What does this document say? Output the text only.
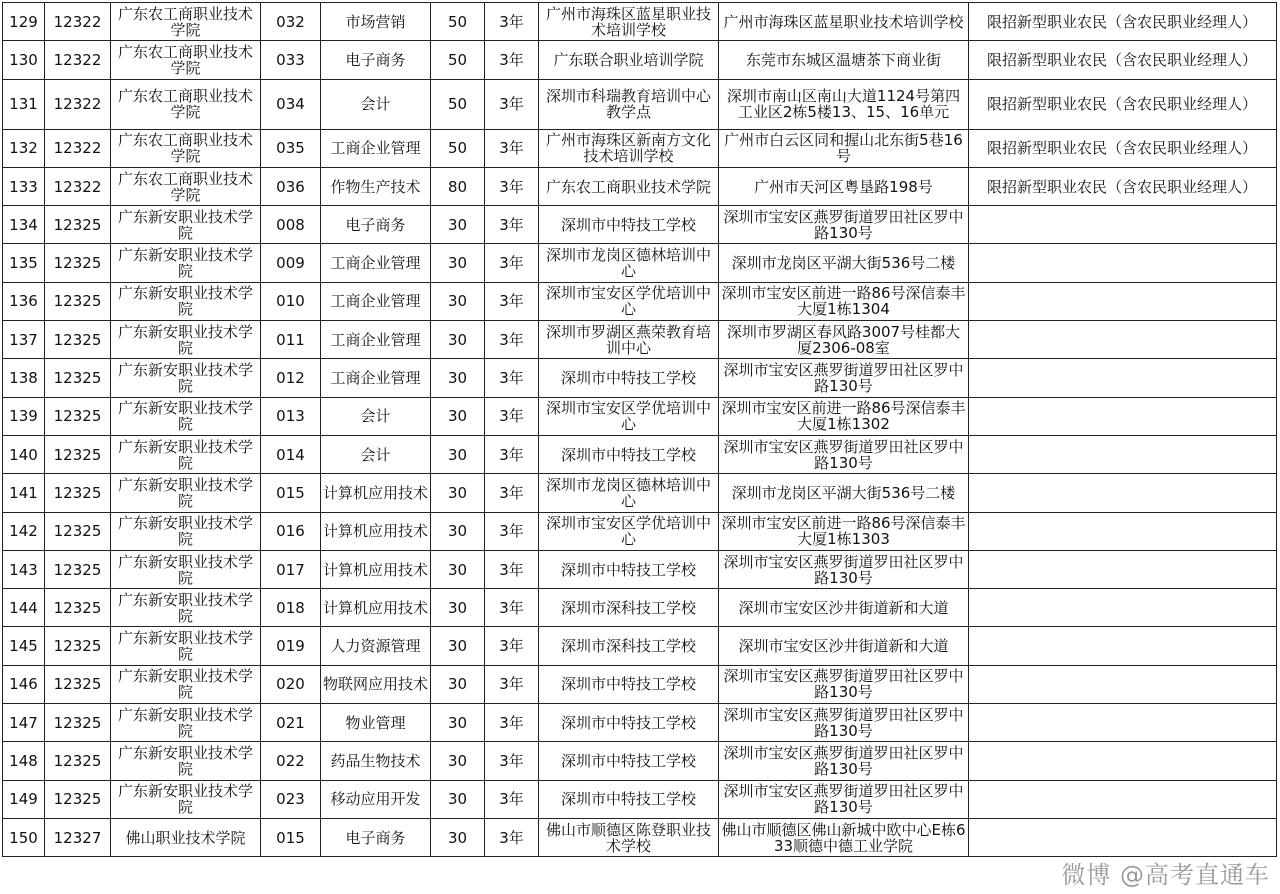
129	12322	广东农工商职业技术学院	032	市场营销	50	3年	广州市海珠区蓝星职业技术培训学校	广州市海珠区蓝星职业技术培训学校	限招新型职业农民（含农民职业经理人）
130	12322	广东农工商职业技术学院	033	电子商务	50	3年	广东联合职业培训学院	东莞市东城区温塘茶下商业街	限招新型职业农民（含农民职业经理人）
131	12322	广东农工商职业技术学院	034	会计	50	3年	深圳市科瑞教育培训中心教学点	深圳市南山区南山大道1124号第四工业区2栋5楼13、15、16单元	限招新型职业农民（含农民职业经理人）
132	12322	广东农工商职业技术学院	035	工商企业管理	50	3年	广州市海珠区新南方文化技术培训学校	广州市白云区同和握山北东街5巷16号	限招新型职业农民（含农民职业经理人）
133	12322	广东农工商职业技术学院	036	作物生产技术	80	3年	广东农工商职业技术学院	广州市天河区粤垦路198号	限招新型职业农民（含农民职业经理人）
134	12325	广东新安职业技术学院	008	电子商务	30	3年	深圳市中特技工学校	深圳市宝安区燕罗街道罗田社区罗中路130号	
135	12325	广东新安职业技术学院	009	工商企业管理	30	3年	深圳市龙岗区德林培训中心	深圳市龙岗区平湖大街536号二楼	
136	12325	广东新安职业技术学院	010	工商企业管理	30	3年	深圳市宝安区学优培训中心	深圳市宝安区前进一路86号深信泰丰大厦1栋1304	
137	12325	广东新安职业技术学院	011	工商企业管理	30	3年	深圳市罗湖区燕荣教育培训中心	深圳市罗湖区春风路3007号桂都大厦2306-08室	
138	12325	广东新安职业技术学院	012	工商企业管理	30	3年	深圳市中特技工学校	深圳市宝安区燕罗街道罗田社区罗中路130号	
139	12325	广东新安职业技术学院	013	会计	30	3年	深圳市宝安区学优培训中心	深圳市宝安区前进一路86号深信泰丰大厦1栋1302	
140	12325	广东新安职业技术学院	014	会计	30	3年	深圳市中特技工学校	深圳市宝安区燕罗街道罗田社区罗中路130号	
141	12325	广东新安职业技术学院	015	计算机应用技术	30	3年	深圳市龙岗区德林培训中心	深圳市龙岗区平湖大街536号二楼	
142	12325	广东新安职业技术学院	016	计算机应用技术	30	3年	深圳市宝安区学优培训中心	深圳市宝安区前进一路86号深信泰丰大厦1栋1303	
143	12325	广东新安职业技术学院	017	计算机应用技术	30	3年	深圳市中特技工学校	深圳市宝安区燕罗街道罗田社区罗中路130号	
144	12325	广东新安职业技术学院	018	计算机应用技术	30	3年	深圳市深科技工学校	深圳市宝安区沙井街道新和大道	
145	12325	广东新安职业技术学院	019	人力资源管理	30	3年	深圳市深科技工学校	深圳市宝安区沙井街道新和大道	
146	12325	广东新安职业技术学院	020	物联网应用技术	30	3年	深圳市中特技工学校	深圳市宝安区燕罗街道罗田社区罗中路130号	
147	12325	广东新安职业技术学院	021	物业管理	30	3年	深圳市中特技工学校	深圳市宝安区燕罗街道罗田社区罗中路130号	
148	12325	广东新安职业技术学院	022	药品生物技术	30	3年	深圳市中特技工学校	深圳市宝安区燕罗街道罗田社区罗中路130号	
149	12325	广东新安职业技术学院	023	移动应用开发	30	3年	深圳市中特技工学校	深圳市宝安区燕罗街道罗田社区罗中路130号	
150	12327	佛山职业技术学院	015	电子商务	30	3年	佛山市顺德区陈登职业技术学校	佛山市顺德区佛山新城中欧中心E栋633顺德中德工业学院	
微博 @高考直通车
